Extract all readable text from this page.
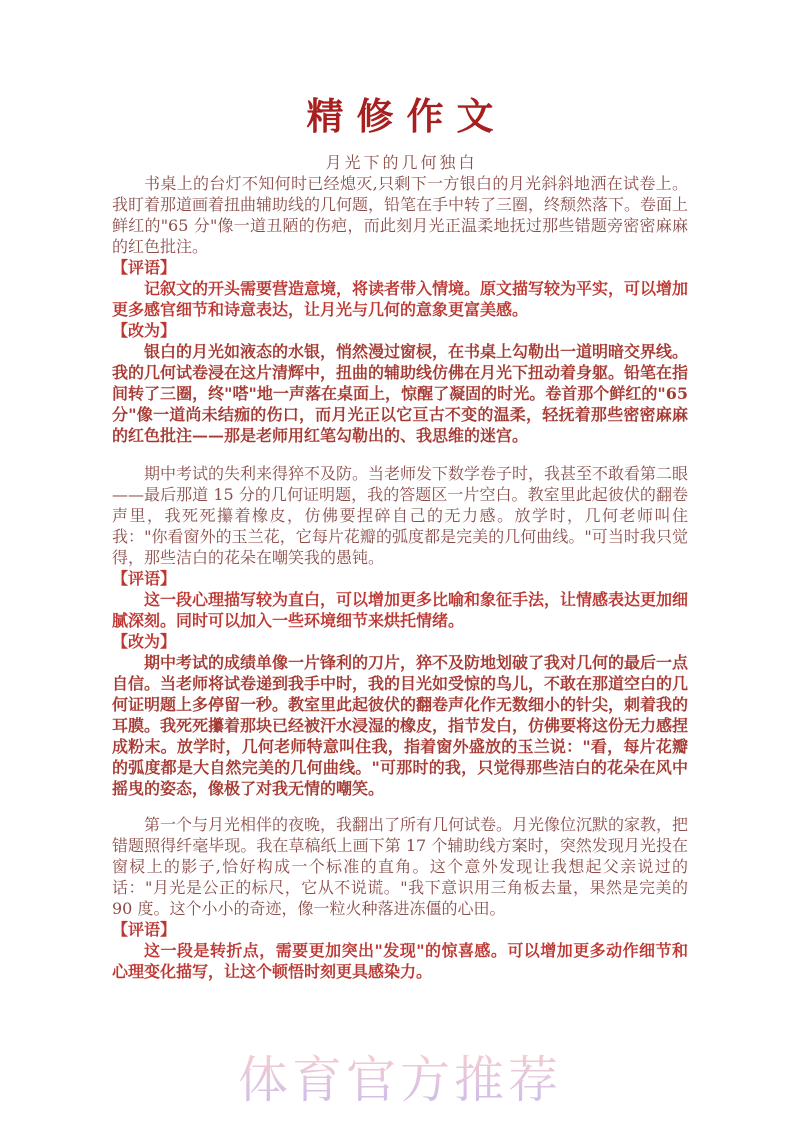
精修作文
月光下的几何独白

书桌上的台灯不知何时已经熄灭,只剩下一方银白的月光斜斜地洒在试卷上。我盯着那道画着扭曲辅助线的几何题，铅笔在手中转了三圈，终颓然落下。卷面上鲜红的"65 分"像一道丑陋的伤疤，而此刻月光正温柔地抚过那些错题旁密密麻麻的红色批注。

【评语】

记叙文的开头需要营造意境，将读者带入情境。原文描写较为平实，可以增加更多感官细节和诗意表达，让月光与几何的意象更富美感。

【改为】

银白的月光如液态的水银，悄然漫过窗棂，在书桌上勾勒出一道明暗交界线。我的几何试卷浸在这片清辉中，扭曲的辅助线仿佛在月光下扭动着身躯。铅笔在指间转了三圈，终"嗒"地一声落在桌面上，惊醒了凝固的时光。卷首那个鲜红的"65 分"像一道尚未结痂的伤口，而月光正以它亘古不变的温柔，轻抚着那些密密麻麻的红色批注——那是老师用红笔勾勒出的、我思维的迷宫。

期中考试的失利来得猝不及防。当老师发下数学卷子时，我甚至不敢看第二眼——最后那道 15 分的几何证明题，我的答题区一片空白。教室里此起彼伏的翻卷声里，我死死攥着橡皮，仿佛要捏碎自己的无力感。放学时，几何老师叫住我："你看窗外的玉兰花，它每片花瓣的弧度都是完美的几何曲线。"可当时我只觉得，那些洁白的花朵在嘲笑我的愚钝。

【评语】

这一段心理描写较为直白，可以增加更多比喻和象征手法，让情感表达更加细腻深刻。同时可以加入一些环境细节来烘托情绪。

【改为】

期中考试的成绩单像一片锋利的刀片，猝不及防地划破了我对几何的最后一点自信。当老师将试卷递到我手中时，我的目光如受惊的鸟儿，不敢在那道空白的几何证明题上多停留一秒。教室里此起彼伏的翻卷声化作无数细小的针尖，刺着我的耳膜。我死死攥着那块已经被汗水浸湿的橡皮，指节发白，仿佛要将这份无力感捏成粉末。放学时，几何老师特意叫住我，指着窗外盛放的玉兰说："看，每片花瓣的弧度都是大自然完美的几何曲线。"可那时的我，只觉得那些洁白的花朵在风中摇曳的姿态，像极了对我无情的嘲笑。

第一个与月光相伴的夜晚，我翻出了所有几何试卷。月光像位沉默的家教，把错题照得纤毫毕现。我在草稿纸上画下第 17 个辅助线方案时，突然发现月光投在窗棂上的影子,恰好构成一个标准的直角。这个意外发现让我想起父亲说过的话："月光是公正的标尺，它从不说谎。"我下意识用三角板去量，果然是完美的 90 度。这个小小的奇迹，像一粒火种落进冻僵的心田。

【评语】

这一段是转折点，需要更加突出"发现"的惊喜感。可以增加更多动作细节和心理变化描写，让这个顿悟时刻更具感染力。

体育官方推荐
